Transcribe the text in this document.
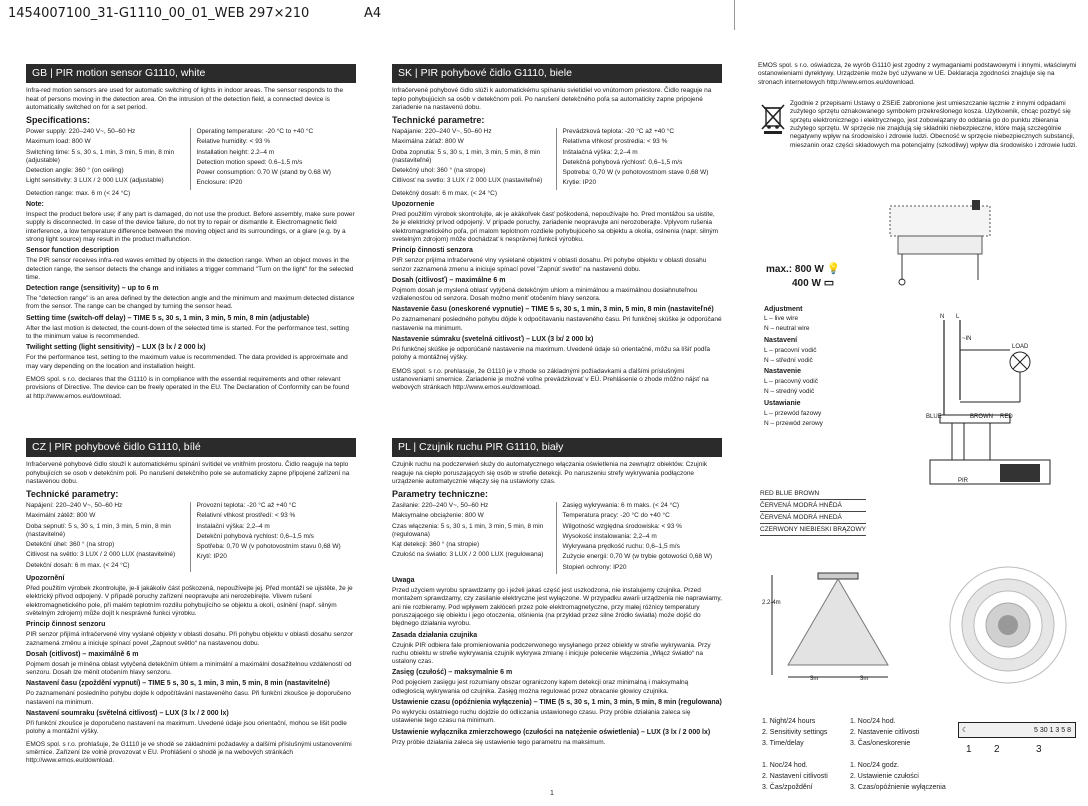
1454007100_31-G1110_00_01_WEB 297×210	A4
GB | PIR motion sensor G1110, white

Infra-red motion sensors are used for automatic switching of lights in indoor areas. The sensor responds to the heat of persons moving in the detection area. On the intrusion of the detection field, a connected device is automatically switched on for a set period.

Specifications:

Power supply: 220–240 V~, 50–60 Hz

Maximum load: 800 W

Switching time: 5 s, 30 s, 1 min, 3 min, 5 min, 8 min (adjustable)

Detection angle: 360 ° (on ceiling)

Light sensitivity: 3 LUX / 2 000 LUX (adjustable)

Operating temperature: -20 °C to +40 °C

Relative humidity: < 93 %

Installation height: 2.2–4 m

Detection motion speed: 0.6–1.5 m/s

Power consumption: 0.70 W (stand by 0.68 W)

Enclosure: IP20

Detection range: max. 6 m (< 24 °C)

Note:

Inspect the product before use; if any part is damaged, do not use the product. Before assembly, make sure power supply is disconnected. In case of the device failure, do not try to repair or dismantle it. Electromagnetic field interference, a low temperature difference between the moving object and its surroundings, or a glare (e.g. by a strong light source) may result in the product malfunction.

Sensor function description

The PIR sensor receives infra-red waves emitted by objects in the detection range. When an object moves in the detection range, the sensor detects the change and initiates a trigger command "Turn on the light" for the selected time.

Detection range (sensitivity) – up to 6 m

The "detection range" is an area defined by the detection angle and the minimum and maximum detected distance from the sensor. The range can be changed by turning the sensor head.

Setting time (switch-off delay) – TIME 5 s, 30 s, 1 min, 3 min, 5 min, 8 min (adjustable)

After the last motion is detected, the count-down of the selected time is started. For the performance test, setting to the minimum value is recommended.

Twilight setting (light sensitivity) – LUX (3 lx / 2 000 lx)

For the performance test, setting to the maximum value is recommended. The data provided is approximate and may vary depending on the location and installation height.

EMOS spol. s r.o. declares that the G1110 is in compliance with the essential requirements and other relevant provisions of Directive. The device can be freely operated in the EU. The Declaration of Conformity can be found at http://www.emos.eu/download.

CZ | PIR pohybové čidlo G1110, bílé

Infračervené pohybové čidlo slouží k automatickému spínání svítidel ve vnitřním prostoru. Čidlo reaguje na teplo pohybujících se osob v detekčním poli. Po narušení detekčního pole se automaticky zapne připojené zařízení na nastavenou dobu.

Technické parametry:

Napájení: 220–240 V~, 50–60 Hz

Maximální zátěž: 800 W

Doba sepnutí: 5 s, 30 s, 1 min, 3 min, 5 min, 8 min (nastavitelné)

Detekční úhel: 360 ° (na strop)

Citlivost na světlo: 3 LUX / 2 000 LUX (nastavitelné)

Detekční dosah: 6 m max. (< 24 °C)

Provozní teplota: -20 °C až +40 °C

Relativní vlhkost prostředí: < 93 %

Instalační výška: 2,2–4 m

Detekční pohybová rychlost: 0,6–1,5 m/s

Spotřeba: 0,70 W (v pohotovostním stavu 0,68 W)

Krytí: IP20

Upozornění

Před použitím výrobek zkontrolujte, je-li jakákoliv část poškozená, nepoužívejte jej. Před montáží se ujistěte, že je elektrický přívod odpojený. V případě poruchy zařízení neopravujte ani nerozebírejte. Vlivem rušení elektromagnetického pole, při malém teplotním rozdílu pohybujícího se objektu a okolí, oslnění (např. silným světelným zdrojem) může dojít k nesprávné funkci výrobku.

Princip činnost senzoru

PIR senzor přijímá infračervené vlny vyslané objekty v oblasti dosahu. Při pohybu objektu v oblasti dosahu senzor zaznamená změnu a iniciuje spínací povel „Zapnout světlo“ na nastavenou dobu.

Dosah (citlivost) – maximálně 6 m

Pojmem dosah je míněna oblast vytyčená detekčním úhlem a minimální a maximální dosažitelnou vzdáleností od senzoru. Dosah lze měnit otočením hlavy senzoru.

Nastavení času (zpoždění vypnutí) – TIME 5 s, 30 s, 1 min, 3 min, 5 min, 8 min (nastavitelné)

Po zaznamenání posledního pohybu dojde k odpočítávání nastaveného času. Při funkční zkoušce je doporučeno nastavení na minimum.

Nastavení soumraku (světelná citlivost) – LUX (3 lx / 2 000 lx)

Při funkční zkoušce je doporučeno nastavení na maximum. Uvedené údaje jsou orientační, mohou se lišit podle polohy a montážní výšky.

EMOS spol. s r.o. prohlašuje, že G1110 je ve shodě se základními požadavky a dalšími příslušnými ustanoveními směrnice. Zařízení lze volně provozovat v EU. Prohlášení o shodě je na webových stránkách http://www.emos.eu/download.

SK | PIR pohybové čidlo G1110, biele

Infračervené pohybové čidlo slúži k automatickému spínaniu svietidiel vo vnútornom priestore. Čidlo reaguje na teplo pohybujúcich sa osôb v detekčnom poli. Po narušení detekčného poľa sa automaticky zapne pripojené zariadenie na nastavenú dobu.

Technické parametre:

Napájanie: 220–240 V~, 50–60 Hz

Maximálna záťaž: 800 W

Doba zopnutia: 5 s, 30 s, 1 min, 3 min, 5 min, 8 min (nastaviteľné)

Detekčný uhol: 360 ° (na strope)

Citlivosť na svetlo: 3 LUX / 2 000 LUX (nastaviteľné)

Prevádzková teplota: -20 °C až +40 °C

Relatívna vlhkosť prostredia: < 93 %

Inštalačná výška: 2,2–4 m

Detekčná pohybová rýchlosť: 0,6–1,5 m/s

Spotreba: 0,70 W (v pohotovostnom stave 0,68 W)

Krytie: IP20

Detekčný dosah: 6 m max. (< 24 °C)

Upozornenie

Pred použitím výrobok skontrolujte, ak je akákoľvek časť poškodená, nepoužívajte ho. Pred montážou sa uistite, že je elektrický prívod odpojený. V prípade poruchy, zariadenie neopravujte ani nerozoberajte. Vplyvom rušenia elektromagnetického poľa, pri malom teplotnom rozdiele pohybujúceho sa objektu a okolia, oslnenia (napr. silným svetelným zdrojom) môže dochádzať k nesprávnej funkcii výrobku.

Princíp činnosti senzora

PIR senzor prijíma infračervené vlny vysielané objektmi v oblasti dosahu. Pri pohybe objektu v oblasti dosahu senzor zaznamená zmenu a iniciuje spínací povel "Zapnúť svetlo" na nastavenú dobu.

Dosah (citlivosť) – maximálne 6 m

Pojmom dosah je myslená oblasť vytýčená detekčným uhlom a minimálnou a maximálnou dosiahnuteľnou vzdialenosťou od senzora. Dosah možno meniť otočením hlavy senzora.

Nastavenie času (oneskorené vypnutie) – TIME 5 s, 30 s, 1 min, 3 min, 5 min, 8 min (nastaviteľné)

Po zaznamenaní posledného pohybu dôjde k odpočítavaniu nastaveného času. Pri funkčnej skúške je odporúčané nastavenie na minimum.

Nastavenie súmraku (svetelná citlivosť) – LUX (3 lx/ 2 000 lx)

Pri funkčnej skúške je odporúčané nastavenie na maximum. Uvedené údaje sú orientačné, môžu sa líšiť podľa polohy a montážnej výšky.

EMOS spol. s r.o. prehlasuje, že G1110 je v zhode so základnými požiadavkami a ďalšími príslušnými ustanoveniami smernice. Zariadenie je možné voľne prevádzkovať v EÚ. Prehlásenie o zhode môžno nájsť na webových stránkach http://www.emos.eu/download.

PL | Czujnik ruchu PIR G1110, biały

Czujnik ruchu na podczerwień służy do automatycznego włączania oświetlenia na zewnątrz obiektów. Czujnik reaguje na ciepło poruszających się osób w strefie detekcji. Po naruszeniu strefy wykrywania podłączone urządzenie automatycznie włączy się na ustawiony czas.

Parametry techniczne:

Zasilanie: 220–240 V~, 50–60 Hz

Maksymalne obciążenie: 800 W

Czas włączenia: 5 s, 30 s, 1 min, 3 min, 5 min, 8 min (regulowana)

Kąt detekcji: 360 ° (na stropie)

Czułość na światło: 3 LUX / 2 000 LUX (regulowana)

Zasięg wykrywania: 6 m maks. (< 24 °C)

Temperatura pracy: -20 °C do +40 °C

Wilgotność względna środowiska: < 93 %

Wysokość instalowania: 2,2–4 m

Wykrywana prędkość ruchu: 0,6–1,5 m/s

Zużycie energii: 0,70 W (w trybie gotowości 0,68 W)

Stopień ochrony: IP20

Uwaga

Przed użyciem wyrobu sprawdzamy go i jeżeli jakaś część jest uszkodzona, nie instalujemy czujnika. Przed montażem sprawdzamy, czy zasilanie elektryczne jest wyłączone. W przypadku awarii urządzenia nie naprawiamy, ani nie rozbieramy. Pod wpływem zakłóceń przez pole elektromagnetyczne, przy małej różnicy temperatury poruszającego się obiektu i jego otoczenia, olśnienia (na przykład przez silne źródło światła) może dojść do błędnego działania wyrobu.

Zasada działania czujnika

Czujnik PIR odbiera fale promieniowania podczerwonego wysyłanego przez obiekty w strefie wykrywania. Przy ruchu obiektu w strefie wykrywania czujnik wykrywa zmianę i inicjuje polecenie włączenia „Włącz światło“ na ustalony czas.

Zasięg (czułość) – maksymalnie 6 m

Pod pojęciem zasięgu jest rozumiany obszar ograniczony kątem detekcji oraz minimalną i maksymalną odległością wykrywania od czujnika. Zasięg można regulować przez obracanie głowicy czujnika.

Ustawienie czasu (opóźnienia wyłączenia) – TIME (5 s, 30 s, 1 min, 3 min, 5 min, 8 min (regulowana)

Po wykryciu ostatniego ruchu dojdzie do odliczania ustawionego czasu. Przy próbie działania zaleca się ustawienie tego czasu na minimum.

Ustawienie wyłącznika zmierzchowego (czułości na natężenie oświetlenia) – LUX (3 lx / 2 000 lx)

Przy próbie działania zaleca się ustawienie tego parametru na maksimum.

1

EMOS spol. s r.o. oświadcza, że wyrób G1110 jest zgodny z wymaganiami podstawowymi i innymi, właściwymi ostanowieniami dyrektywy. Urządzenie może być używane w UE. Deklaracja zgodności znajduje się na stronach internetowych http://www.emos.eu/download.

Zgodnie z przepisami Ustawy o ZSEiE zabronione jest umieszczanie łącznie z innymi odpadami zużytego sprzętu oznakowanego symbolem przekreślonego kosza. Użytkownik, chcąc pozbyć się sprzętu elektronicznego i elektrycznego, jest zobowiązany do oddania go do punktu zbierania zużytego sprzętu. W sprzęcie nie znajdują się składniki niebezpieczne, które mają szczególnie negatywny wpływ na środowisko i zdrowie ludzi. Obecność w sprzęcie niebezpiecznych substancji, mieszanin oraz części składowych ma potencjalny (szkodliwy) wpływ dla środowisko i zdrowie ludzi.

max.: 800 W 💡
400 W ▭
Adjustment

L – live wire

N – neutral wire

Nastavení

L – pracovní vodič

N – střední vodič

Nastavenie

L – pracovný vodič

N – stredný vodič

Ustawianie

L – przewód fazowy

N – przewód zerowy

N L
~IN
LOAD
BLUE	BROWN RED
PIR
RED BLUE BROWN
ČERVENÁ MODRÁ HNĚDÁ
ČERVENÁ MODRÁ HNEDÁ
CZERWONY NIEBIESKI BRĄZOWY
2.2-4m
3m	3m

1. Night/24 hours

2. Sensitivity settings

3. Time/delay

1. Noc/24 hod.

2. Nastavenie citlivosti

3. Čas/oneskorenie

1. Noc/24 hod.

2. Nastavení citlivosti

3. Čas/zpoždění

1. Noc/24 godz.

2. Ustawienie czułości

3. Czas/opóźnienie wyłączenia

☾	5 30 1 3 5 8
1 2	3
